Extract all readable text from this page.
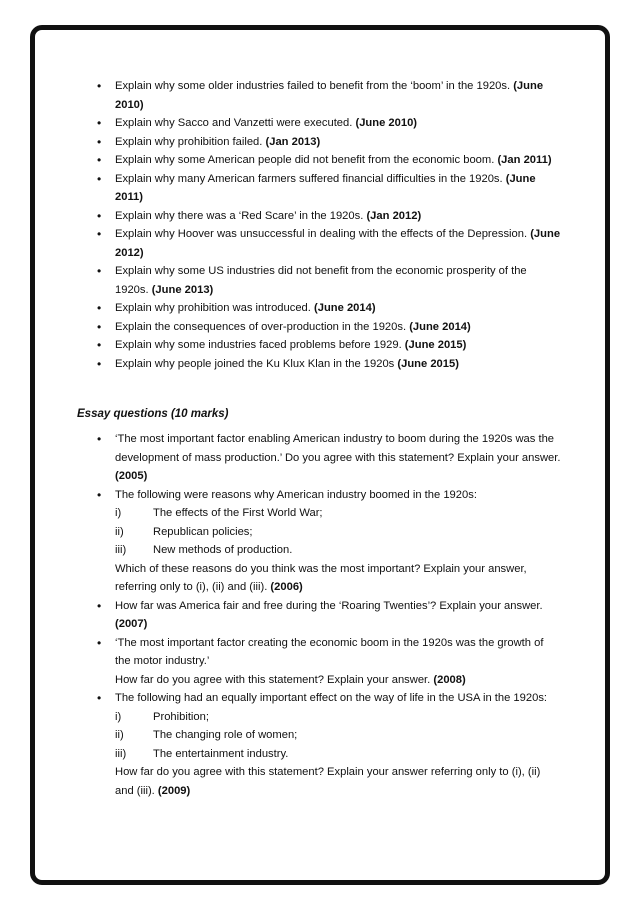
• Explain why some older industries failed to benefit from the ‘boom’ in the 1920s. (June 2010)
• Explain why Sacco and Vanzetti were executed. (June 2010)
• Explain why prohibition failed. (Jan 2013)
• Explain why some American people did not benefit from the economic boom. (Jan 2011)
• Explain why many American farmers suffered financial difficulties in the 1920s. (June 2011)
• Explain why there was a ‘Red Scare’ in the 1920s. (Jan 2012)
• Explain why Hoover was unsuccessful in dealing with the effects of the Depression. (June 2012)
• Explain why some US industries did not benefit from the economic prosperity of the 1920s. (June 2013)
• Explain why prohibition was introduced. (June 2014)
• Explain the consequences of over-production in the 1920s. (June 2014)
• Explain why some industries faced problems before 1929. (June 2015)
• Explain why people joined the Ku Klux Klan in the 1920s (June 2015)
Essay questions (10 marks)
• ‘The most important factor enabling American industry to boom during the 1920s was the development of mass production.’ Do you agree with this statement? Explain your answer. (2005)
• The following were reasons why American industry boomed in the 1920s:
i)	The effects of the First World War;
ii)	Republican policies;
iii) New methods of production.
Which of these reasons do you think was the most important? Explain your answer, referring only to (i), (ii) and (iii). (2006)
• How far was America fair and free during the ‘Roaring Twenties’? Explain your answer. (2007)
• ‘The most important factor creating the economic boom in the 1920s was the growth of the motor industry.’
How far do you agree with this statement? Explain your answer. (2008)
• The following had an equally important effect on the way of life in the USA in the 1920s:
i)	Prohibition;
ii)	The changing role of women;
iii) The entertainment industry.
How far do you agree with this statement? Explain your answer referring only to (i), (ii) and (iii). (2009)
